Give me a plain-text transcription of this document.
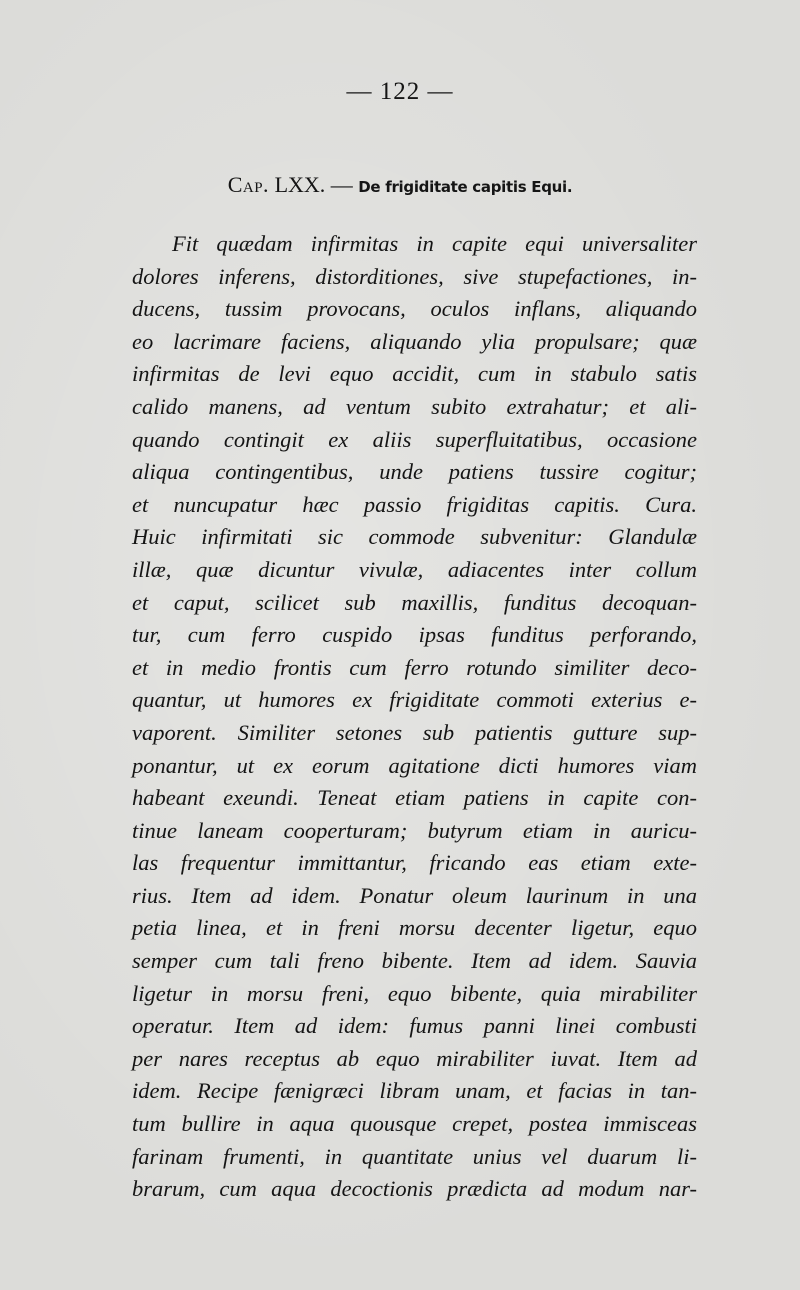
— 122 —
Cap. LXX. — De frigiditate capitis Equi.
Fit quædam infirmitas in capite equi universaliter
dolores inferens, distorditiones, sive stupefactiones, in-
ducens, tussim provocans, oculos inflans, aliquando
eo lacrimare faciens, aliquando ylia propulsare; quæ
infirmitas de levi equo accidit, cum in stabulo satis
calido manens, ad ventum subito extrahatur; et ali-
quando contingit ex aliis superfluitatibus, occasione
aliqua contingentibus, unde patiens tussire cogitur;
et nuncupatur hæc passio frigiditas capitis. Cura.
Huic infirmitati sic commode subvenitur: Glandulæ
illæ, quæ dicuntur vivulæ, adiacentes inter collum
et caput, scilicet sub maxillis, funditus decoquan-
tur, cum ferro cuspido ipsas funditus perforando,
et in medio frontis cum ferro rotundo similiter deco-
quantur, ut humores ex frigiditate commoti exterius e-
vaporent. Similiter setones sub patientis gutture sup-
ponantur, ut ex eorum agitatione dicti humores viam
habeant exeundi. Teneat etiam patiens in capite con-
tinue laneam cooperturam; butyrum etiam in auricu-
las frequentur immittantur, fricando eas etiam exte-
rius. Item ad idem. Ponatur oleum laurinum in una
petia linea, et in freni morsu decenter ligetur, equo
semper cum tali freno bibente. Item ad idem. Sauvia
ligetur in morsu freni, equo bibente, quia mirabiliter
operatur. Item ad idem: fumus panni linei combusti
per nares receptus ab equo mirabiliter iuvat. Item ad
idem. Recipe fænigræci libram unam, et facias in tan-
tum bullire in aqua quousque crepet, postea immisceas
farinam frumenti, in quantitate unius vel duarum li-
brarum, cum aqua decoctionis prædicta ad modum nar-
